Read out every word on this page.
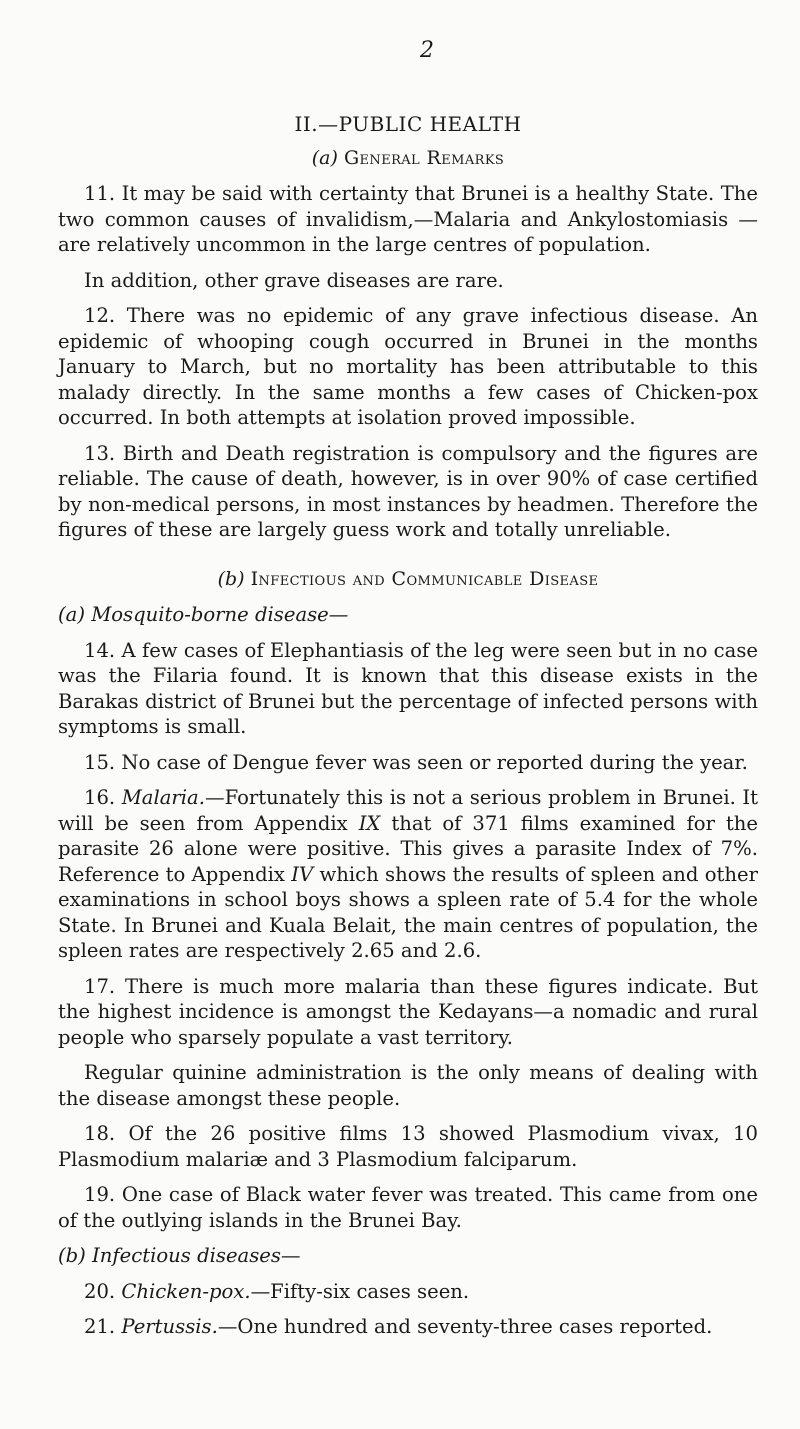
2
II.—PUBLIC HEALTH
(a) General Remarks

11. It may be said with certainty that Brunei is a healthy State. The two common causes of invalidism,—Malaria and Ankylostomiasis —are relatively uncommon in the large centres of population.

In addition, other grave diseases are rare.

12. There was no epidemic of any grave infectious disease. An epidemic of whooping cough occurred in Brunei in the months January to March, but no mortality has been attributable to this malady directly. In the same months a few cases of Chicken-pox occurred. In both attempts at isolation proved impossible.

13. Birth and Death registration is compulsory and the figures are reliable. The cause of death, however, is in over 90% of case certified by non-medical persons, in most instances by headmen. Therefore the figures of these are largely guess work and totally unreliable.

(b) Infectious and Communicable Disease
(a) Mosquito-borne disease—

14. A few cases of Elephantiasis of the leg were seen but in no case was the Filaria found. It is known that this disease exists in the Barakas district of Brunei but the percentage of infected persons with symptoms is small.

15. No case of Dengue fever was seen or reported during the year.

16. Malaria.—Fortunately this is not a serious problem in Brunei. It will be seen from Appendix IX that of 371 films examined for the parasite 26 alone were positive. This gives a parasite Index of 7%. Reference to Appendix IV which shows the results of spleen and other examinations in school boys shows a spleen rate of 5.4 for the whole State. In Brunei and Kuala Belait, the main centres of population, the spleen rates are respectively 2.65 and 2.6.

17. There is much more malaria than these figures indicate. But the highest incidence is amongst the Kedayans—a nomadic and rural people who sparsely populate a vast territory.

Regular quinine administration is the only means of dealing with the disease amongst these people.

18. Of the 26 positive films 13 showed Plasmodium vivax, 10 Plasmodium malariæ and 3 Plasmodium falciparum.

19. One case of Black water fever was treated. This came from one of the outlying islands in the Brunei Bay.

(b) Infectious diseases—

20. Chicken-pox.—Fifty-six cases seen.

21. Pertussis.—One hundred and seventy-three cases reported.
